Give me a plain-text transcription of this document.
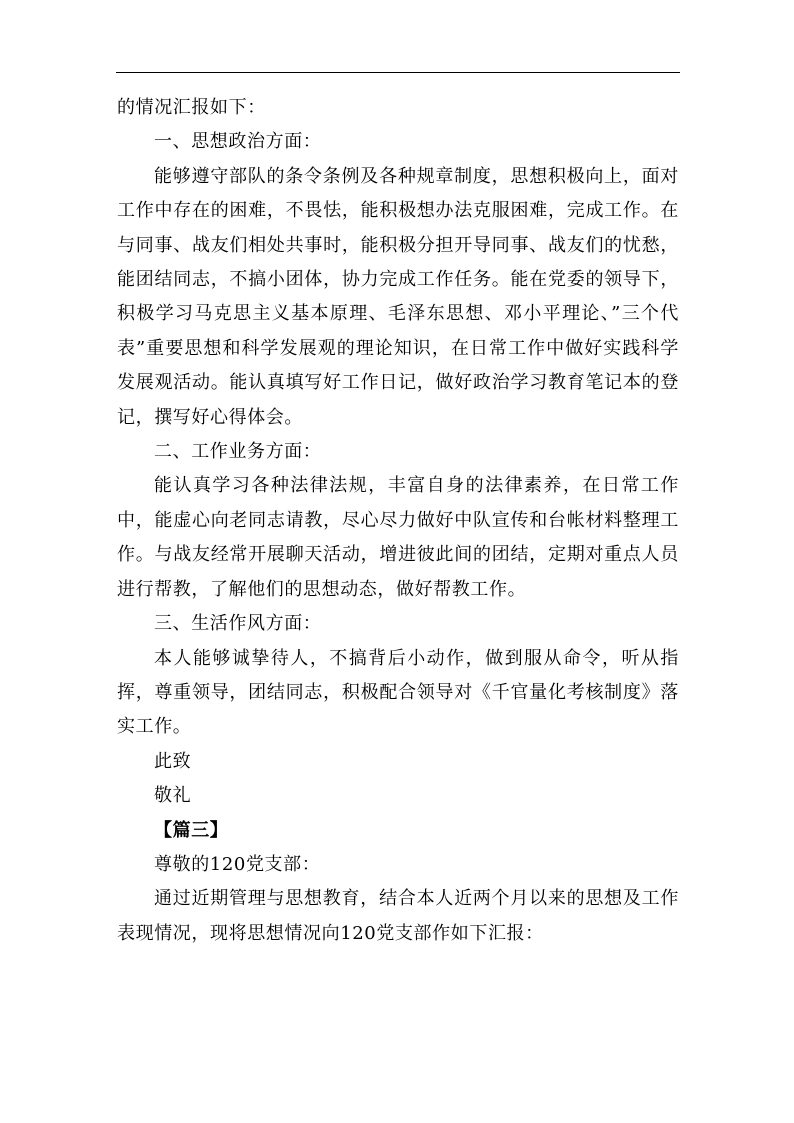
的情况汇报如下：

一、思想政治方面：

能够遵守部队的条令条例及各种规章制度，思想积极向上，面对工作中存在的困难，不畏怯，能积极想办法克服困难，完成工作。在与同事、战友们相处共事时，能积极分担开导同事、战友们的忧愁，能团结同志，不搞小团体，协力完成工作任务。能在党委的领导下，积极学习马克思主义基本原理、毛泽东思想、邓小平理论、”三个代表”重要思想和科学发展观的理论知识，在日常工作中做好实践科学发展观活动。能认真填写好工作日记，做好政治学习教育笔记本的登记，撰写好心得体会。

二、工作业务方面：

能认真学习各种法律法规，丰富自身的法律素养，在日常工作中，能虚心向老同志请教，尽心尽力做好中队宣传和台帐材料整理工作。与战友经常开展聊天活动，增进彼此间的团结，定期对重点人员进行帮教，了解他们的思想动态，做好帮教工作。

三、生活作风方面：

本人能够诚挚待人，不搞背后小动作，做到服从命令，听从指挥，尊重领导，团结同志，积极配合领导对《千官量化考核制度》落实工作。

此致

敬礼

【篇三】

尊敬的120党支部：

通过近期管理与思想教育，结合本人近两个月以来的思想及工作表现情况，现将思想情况向120党支部作如下汇报：
